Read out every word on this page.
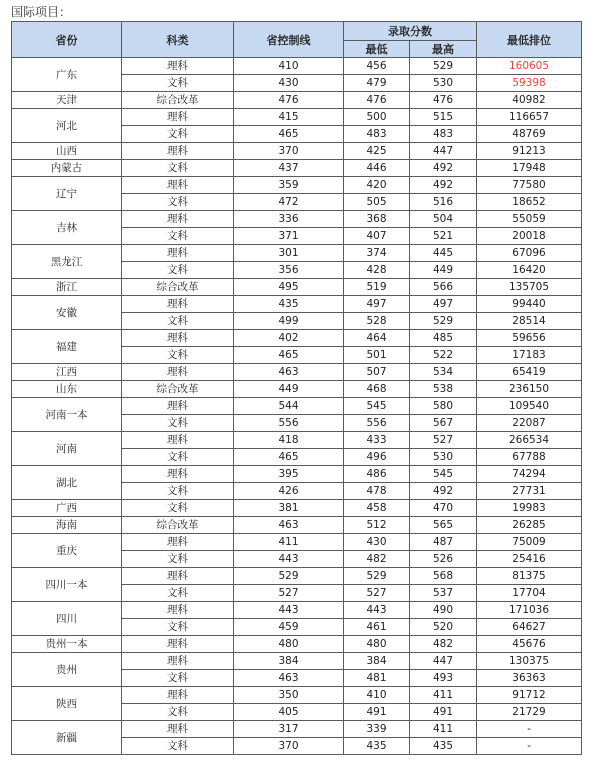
国际项目：
省份	科类	省控制线	录取分数		最低排位
			最低	最高	
广东	理科	410	456	529	160605
	文科	430	479	530	59398
天津	综合改革	476	476	476	40982
河北	理科	415	500	515	116657
	文科	465	483	483	48769
山西	理科	370	425	447	91213
内蒙古	文科	437	446	492	17948
辽宁	理科	359	420	492	77580
	文科	472	505	516	18652
吉林	理科	336	368	504	55059
	文科	371	407	521	20018
黑龙江	理科	301	374	445	67096
	文科	356	428	449	16420
浙江	综合改革	495	519	566	135705
安徽	理科	435	497	497	99440
	文科	499	528	529	28514
福建	理科	402	464	485	59656
	文科	465	501	522	17183
江西	理科	463	507	534	65419
山东	综合改革	449	468	538	236150
河南一本	理科	544	545	580	109540
	文科	556	556	567	22087
河南	理科	418	433	527	266534
	文科	465	496	530	67788
湖北	理科	395	486	545	74294
	文科	426	478	492	27731
广西	文科	381	458	470	19983
海南	综合改革	463	512	565	26285
重庆	理科	411	430	487	75009
	文科	443	482	526	25416
四川一本	理科	529	529	568	81375
	文科	527	527	537	17704
四川	理科	443	443	490	171036
	文科	459	461	520	64627
贵州一本	理科	480	480	482	45676
贵州	理科	384	384	447	130375
	文科	463	481	493	36363
陕西	理科	350	410	411	91712
	文科	405	491	491	21729
新疆	理科	317	339	411	-
	文科	370	435	435	-
